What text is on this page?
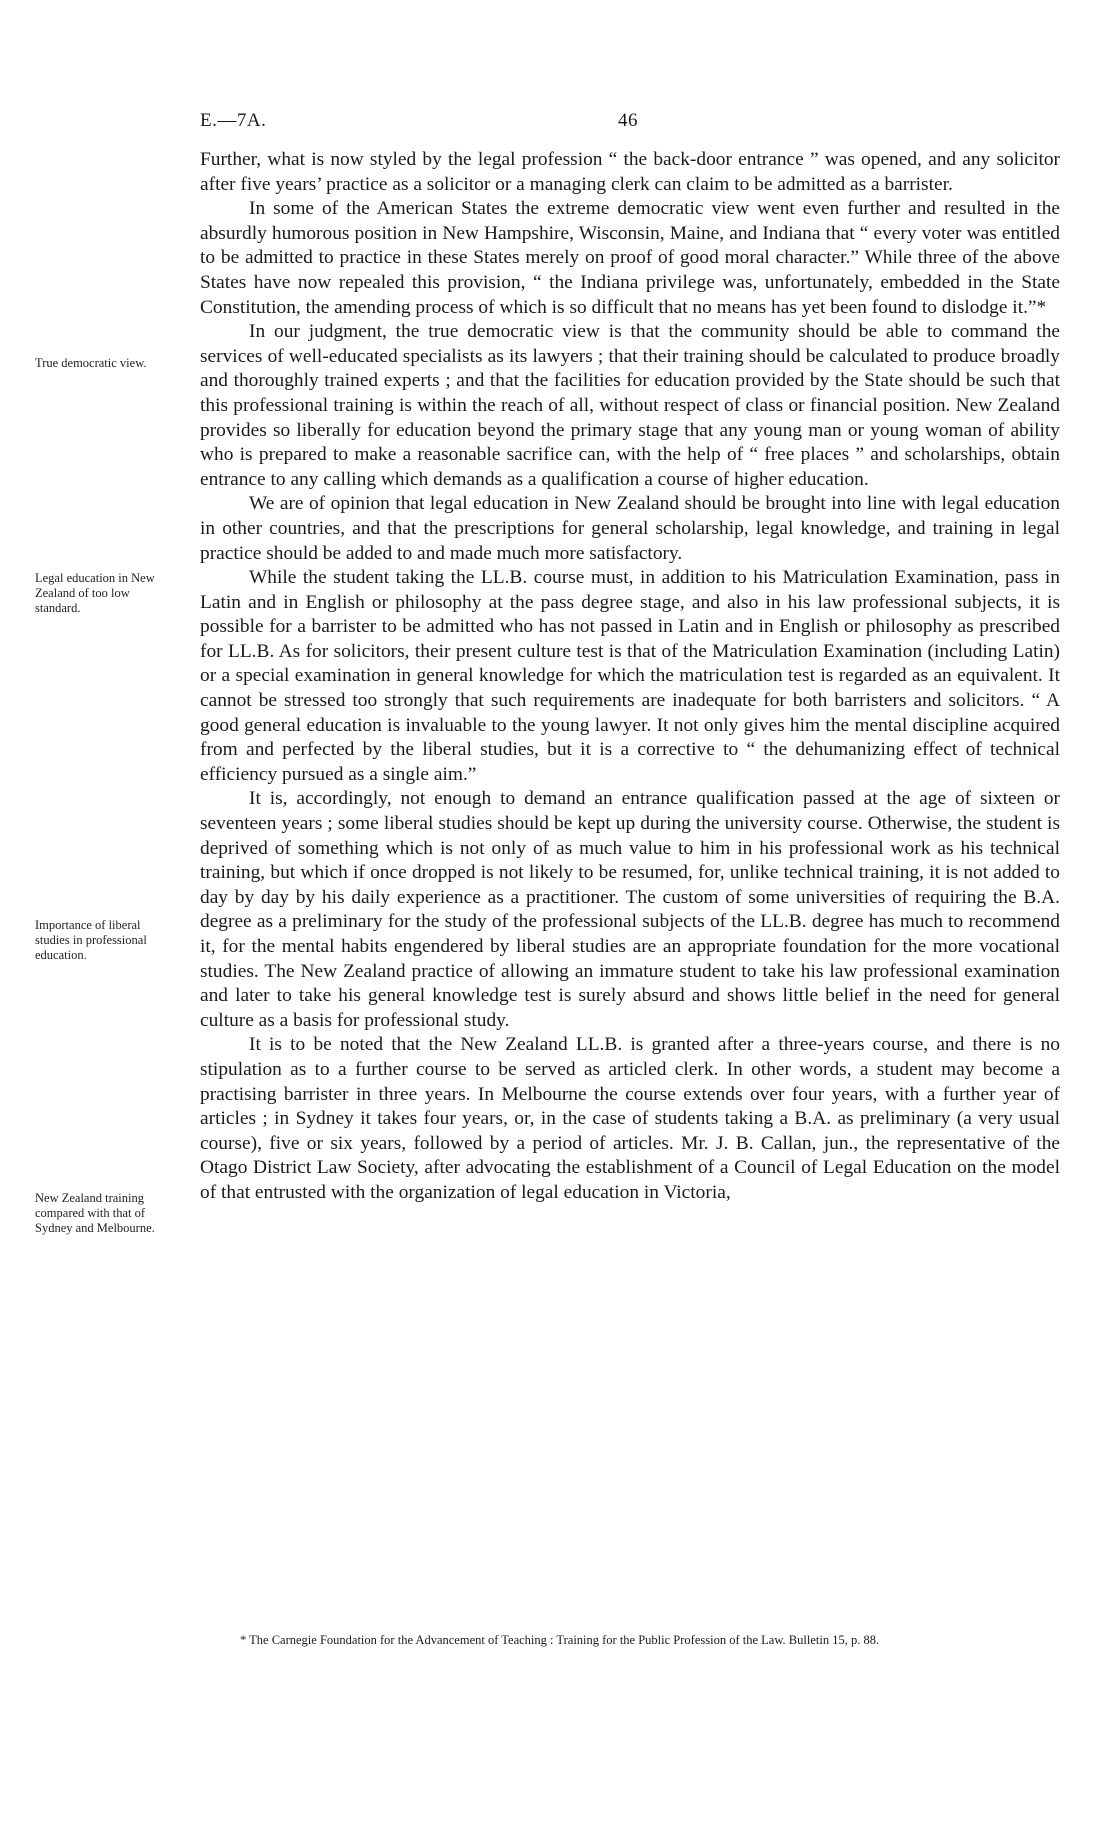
E.—7A.	46

True democratic view.

Legal education in New Zealand of too low standard.

Importance of liberal studies in professional education.

New Zealand training compared with that of Sydney and Melbourne.

Further, what is now styled by the legal profession “ the back-door entrance ” was opened, and any solicitor after five years’ practice as a solicitor or a managing clerk can claim to be admitted as a barrister.

In some of the American States the extreme democratic view went even further and resulted in the absurdly humorous position in New Hampshire, Wisconsin, Maine, and Indiana that “ every voter was entitled to be admitted to practice in these States merely on proof of good moral character.” While three of the above States have now repealed this provision, “ the Indiana privilege was, unfortunately, embedded in the State Constitution, the amending process of which is so difficult that no means has yet been found to dislodge it.”*

In our judgment, the true democratic view is that the community should be able to command the services of well-educated specialists as its lawyers ; that their training should be calculated to produce broadly and thoroughly trained experts ; and that the facilities for education provided by the State should be such that this professional training is within the reach of all, without respect of class or financial position. New Zealand provides so liberally for education beyond the primary stage that any young man or young woman of ability who is prepared to make a reasonable sacrifice can, with the help of “ free places ” and scholarships, obtain entrance to any calling which demands as a qualification a course of higher education.

We are of opinion that legal education in New Zealand should be brought into line with legal education in other countries, and that the prescriptions for general scholarship, legal knowledge, and training in legal practice should be added to and made much more satisfactory.

While the student taking the LL.B. course must, in addition to his Matriculation Examination, pass in Latin and in English or philosophy at the pass degree stage, and also in his law professional subjects, it is possible for a barrister to be admitted who has not passed in Latin and in English or philosophy as prescribed for LL.B. As for solicitors, their present culture test is that of the Matriculation Examination (including Latin) or a special examination in general knowledge for which the matriculation test is regarded as an equivalent. It cannot be stressed too strongly that such requirements are inadequate for both barristers and solicitors. “ A good general education is invaluable to the young lawyer. It not only gives him the mental discipline acquired from and perfected by the liberal studies, but it is a corrective to “ the dehumanizing effect of technical efficiency pursued as a single aim.”

It is, accordingly, not enough to demand an entrance qualification passed at the age of sixteen or seventeen years ; some liberal studies should be kept up during the university course. Otherwise, the student is deprived of something which is not only of as much value to him in his professional work as his technical training, but which if once dropped is not likely to be resumed, for, unlike technical training, it is not added to day by day by his daily experience as a practitioner. The custom of some universities of requiring the B.A. degree as a preliminary for the study of the professional subjects of the LL.B. degree has much to recommend it, for the mental habits engendered by liberal studies are an appropriate foundation for the more vocational studies. The New Zealand practice of allowing an immature student to take his law professional examination and later to take his general knowledge test is surely absurd and shows little belief in the need for general culture as a basis for professional study.

It is to be noted that the New Zealand LL.B. is granted after a three-years course, and there is no stipulation as to a further course to be served as articled clerk. In other words, a student may become a practising barrister in three years. In Melbourne the course extends over four years, with a further year of articles ; in Sydney it takes four years, or, in the case of students taking a B.A. as preliminary (a very usual course), five or six years, followed by a period of articles. Mr. J. B. Callan, jun., the representative of the Otago District Law Society, after advocating the establishment of a Council of Legal Education on the model of that entrusted with the organization of legal education in Victoria,

* The Carnegie Foundation for the Advancement of Teaching : Training for the Public Profession of the Law. Bulletin 15, p. 88.
